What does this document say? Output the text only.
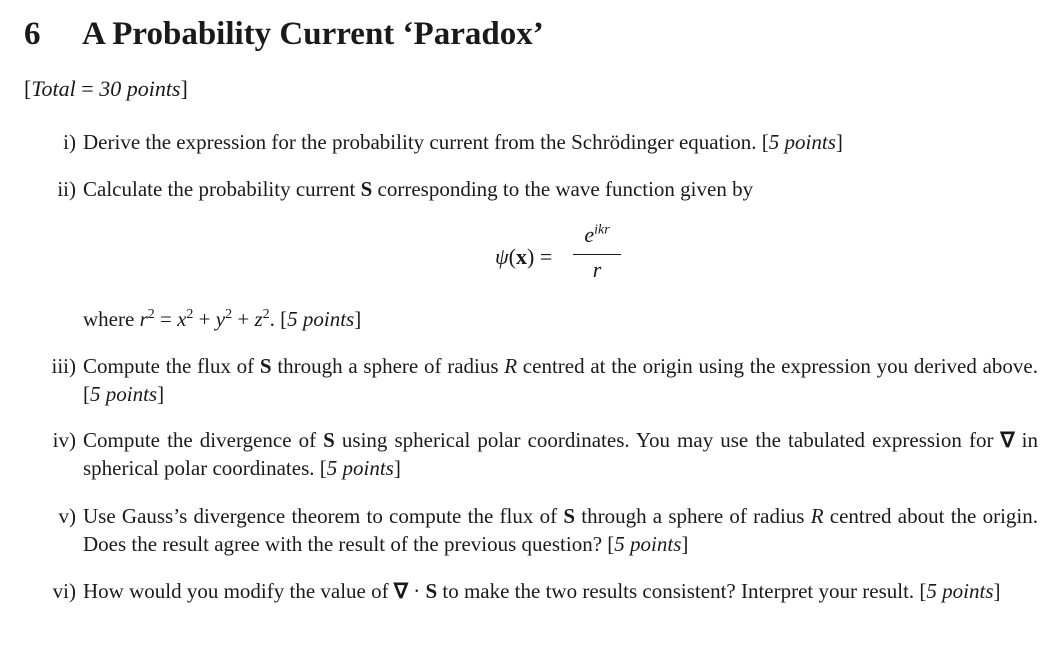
6 A Probability Current ‘Paradox’
[Total = 30 points]
i) Derive the expression for the probability current from the Schrödinger equation. [5 points]
ii) Calculate the probability current S corresponding to the wave function given by
ψ(x) =
$e^{ikr}$
r
where $r^2 = x^2 + y^2 + z^2$. [5 points]
iii) Compute the flux of S through a sphere of radius R centred at the origin using the expression you derived above. [5 points]
iv) Compute the divergence of S using spherical polar coordinates. You may use the tabulated expression for ∇ in spherical polar coordinates. [5 points]
v) Use Gauss’s divergence theorem to compute the flux of S through a sphere of radius R centred about the origin. Does the result agree with the result of the previous question? [5 points]
vi) How would you modify the value of ∇ · S to make the two results consistent? Interpret your result. [5 points]
